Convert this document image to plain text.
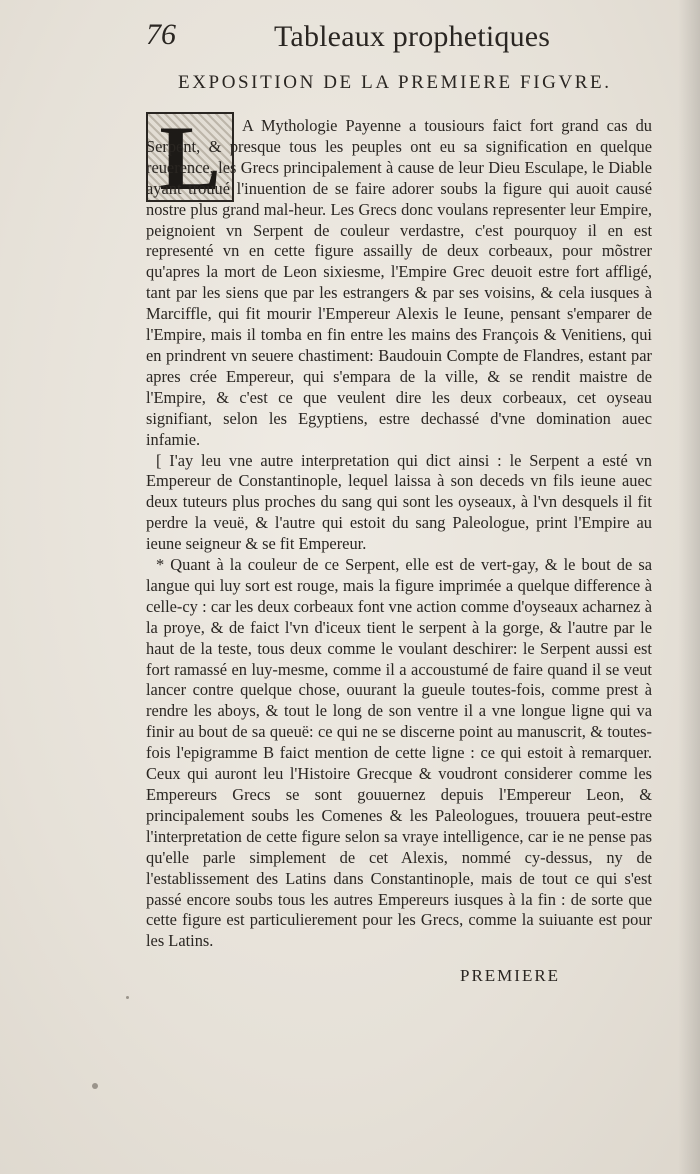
76	Tableaux prophetiques
EXPOSITION DE LA PREMIERE FIGVRE.
L	A Mythologie Payenne a tousiours faict fort grand cas du Serpent, & presque tous les peuples ont eu sa signification en quelque reuerence, les Grecs principalement à cause de leur Dieu Esculape, le Diable ayant trouué l'inuention de se faire adorer soubs la figure qui auoit causé nostre plus grand mal-heur. Les Grecs donc voulans representer leur Empire, peignoient vn Serpent de couleur verdastre, c'est pourquoy il en est representé vn en cette figure assailly de deux corbeaux, pour mõstrer qu'apres la mort de Leon sixiesme, l'Empire Grec deuoit estre fort affligé, tant par les siens que par les estrangers & par ses voisins, & cela iusques à Marciffle, qui fit mourir l'Empereur Alexis le Ieune, pensant s'emparer de l'Empire, mais il tomba en fin entre les mains des François & Venitiens, qui en prindrent vn seuere chastiment: Baudouin Compte de Flandres, estant par apres crée Empereur, qui s'empara de la ville, & se rendit maistre de l'Empire, & c'est ce que veulent dire les deux corbeaux, cet oyseau signifiant, selon les Egyptiens, estre dechassé d'vne domination auec infamie.

[ I'ay leu vne autre interpretation qui dict ainsi : le Serpent a esté vn Empereur de Constantinople, lequel laissa à son deceds vn fils ieune auec deux tuteurs plus proches du sang qui sont les oyseaux, à l'vn desquels il fit perdre la veuë, & l'autre qui estoit du sang Paleologue, print l'Empire au ieune seigneur & se fit Empereur.

* Quant à la couleur de ce Serpent, elle est de vert-gay, & le bout de sa langue qui luy sort est rouge, mais la figure imprimée a quelque difference à celle-cy : car les deux corbeaux font vne action comme d'oyseaux acharnez à la proye, & de faict l'vn d'iceux tient le serpent à la gorge, & l'autre par le haut de la teste, tous deux comme le voulant deschirer: le Serpent aussi est fort ramassé en luy-mesme, comme il a accoustumé de faire quand il se veut lancer contre quelque chose, ouurant la gueule toutes-fois, comme prest à rendre les aboys, & tout le long de son ventre il a vne longue ligne qui va finir au bout de sa queuë: ce qui ne se discerne point au manuscrit, & toutes-fois l'epigramme B faict mention de cette ligne : ce qui estoit à remarquer. Ceux qui auront leu l'Histoire Grecque & voudront considerer comme les Empereurs Grecs se sont gouuernez depuis l'Empereur Leon, & principalement soubs les Comenes & les Paleologues, trouuera peut-estre l'interpretation de cette figure selon sa vraye intelligence, car ie ne pense pas qu'elle parle simplement de cet Alexis, nommé cy-dessus, ny de l'establissement des Latins dans Constantinople, mais de tout ce qui s'est passé encore soubs tous les autres Empereurs iusques à la fin : de sorte que cette figure est particulierement pour les Grecs, comme la suiuante est pour les Latins.

PREMIERE
